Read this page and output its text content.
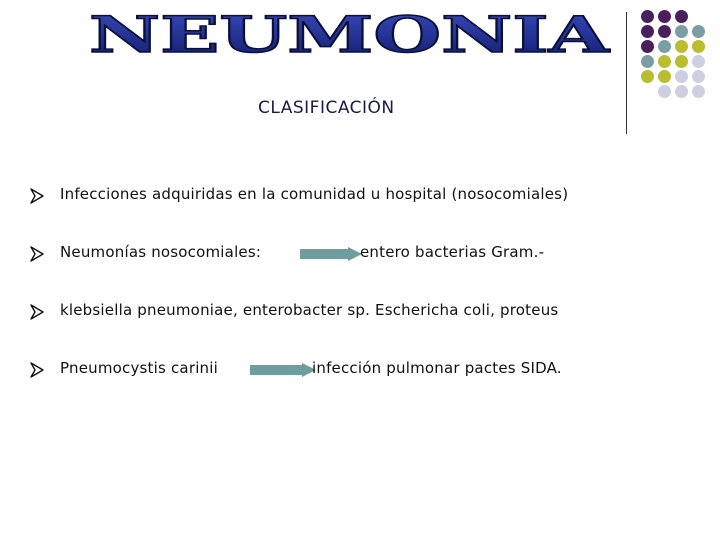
NEUMONIA
CLASIFICACIÓN
Infecciones adquiridas en la comunidad u hospital (nosocomiales)
Neumonías nosocomiales:	entero bacterias Gram.-
klebsiella pneumoniae, enterobacter sp. Eschericha coli, proteus
Pneumocystis carinii	infección pulmonar pactes SIDA.
